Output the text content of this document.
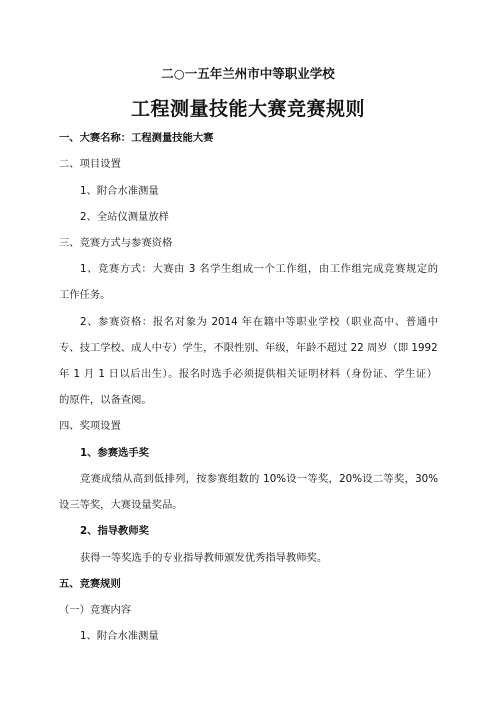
二○一五年兰州市中等职业学校
工程测量技能大赛竞赛规则
一、大赛名称：工程测量技能大赛
二、项目设置
1、附合水准测量
2、全站仪测量放样
三、竞赛方式与参赛资格
1、竞赛方式：大赛由 3 名学生组成一个工作组，由工作组完成竞赛规定的
工作任务。
2、参赛资格：报名对象为 2014 年在籍中等职业学校（职业高中、普通中
专、技工学校、成人中专）学生，不限性别、年级，年龄不超过 22 周岁（即 1992
年 1 月 1 日以后出生）。报名时选手必须提供相关证明材料（身份证、学生证）
的原件，以备查阅。
四、奖项设置
1、参赛选手奖
竞赛成绩从高到低排列，按参赛组数的 10%设一等奖，20%设二等奖，30%
设三等奖，大赛设量奖品。
2、指导教师奖
获得一等奖选手的专业指导教师颁发优秀指导教师奖。
五、竞赛规则
（一）竞赛内容
1、附合水准测量
